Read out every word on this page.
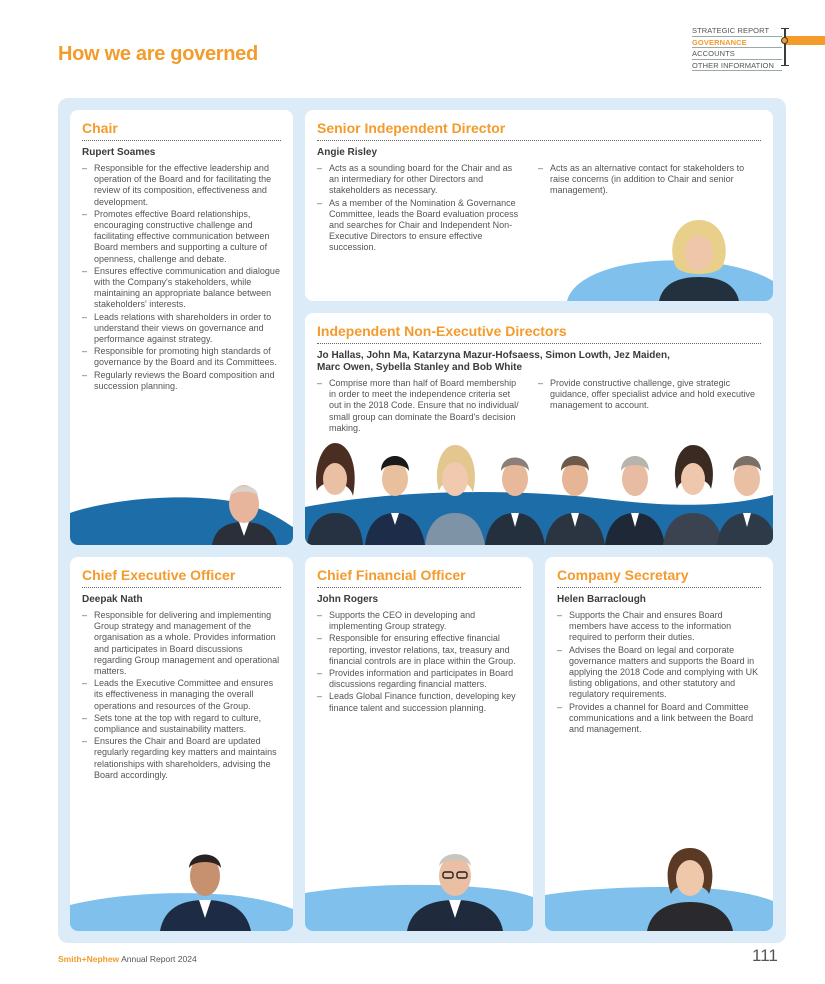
How we are governed
STRATEGIC REPORT
GOVERNANCE
ACCOUNTS
OTHER INFORMATION
Chair
Rupert Soames
– Responsible for the effective leadership and operation of the Board and for facilitating the review of its composition, effectiveness and development.
– Promotes effective Board relationships, encouraging constructive challenge and facilitating effective communication between Board members and supporting a culture of openness, challenge and debate.
– Ensures effective communication and dialogue with the Company's stakeholders, while maintaining an appropriate balance between stakeholders' interests.
– Leads relations with shareholders in order to understand their views on governance and performance against strategy.
– Responsible for promoting high standards of governance by the Board and its Committees.
– Regularly reviews the Board composition and succession planning.
Senior Independent Director
Angie Risley
– Acts as a sounding board for the Chair and as an intermediary for other Directors and stakeholders as necessary.
– As a member of the Nomination & Governance Committee, leads the Board evaluation process and searches for Chair and Independent Non-Executive Directors to ensure effective succession.
– Acts as an alternative contact for stakeholders to raise concerns (in addition to Chair and senior management).
Independent Non-Executive Directors
Jo Hallas, John Ma, Katarzyna Mazur-Hofsaess, Simon Lowth, Jez Maiden, Marc Owen, Sybella Stanley and Bob White
– Comprise more than half of Board membership in order to meet the independence criteria set out in the 2018 Code. Ensure that no individual/ small group can dominate the Board's decision making.
– Provide constructive challenge, give strategic guidance, offer specialist advice and hold executive management to account.
Chief Executive Officer
Deepak Nath
– Responsible for delivering and implementing Group strategy and management of the organisation as a whole. Provides information and participates in Board discussions regarding Group management and operational matters.
– Leads the Executive Committee and ensures its effectiveness in managing the overall operations and resources of the Group.
– Sets tone at the top with regard to culture, compliance and sustainability matters.
– Ensures the Chair and Board are updated regularly regarding key matters and maintains relationships with shareholders, advising the Board accordingly.
Chief Financial Officer
John Rogers
– Supports the CEO in developing and implementing Group strategy.
– Responsible for ensuring effective financial reporting, investor relations, tax, treasury and financial controls are in place within the Group.
– Provides information and participates in Board discussions regarding financial matters.
– Leads Global Finance function, developing key finance talent and succession planning.
Company Secretary
Helen Barraclough
– Supports the Chair and ensures Board members have access to the information required to perform their duties.
– Advises the Board on legal and corporate governance matters and supports the Board in applying the 2018 Code and complying with UK listing obligations, and other statutory and regulatory requirements.
– Provides a channel for Board and Committee communications and a link between the Board and management.
Smith+Nephew Annual Report 2024	111
